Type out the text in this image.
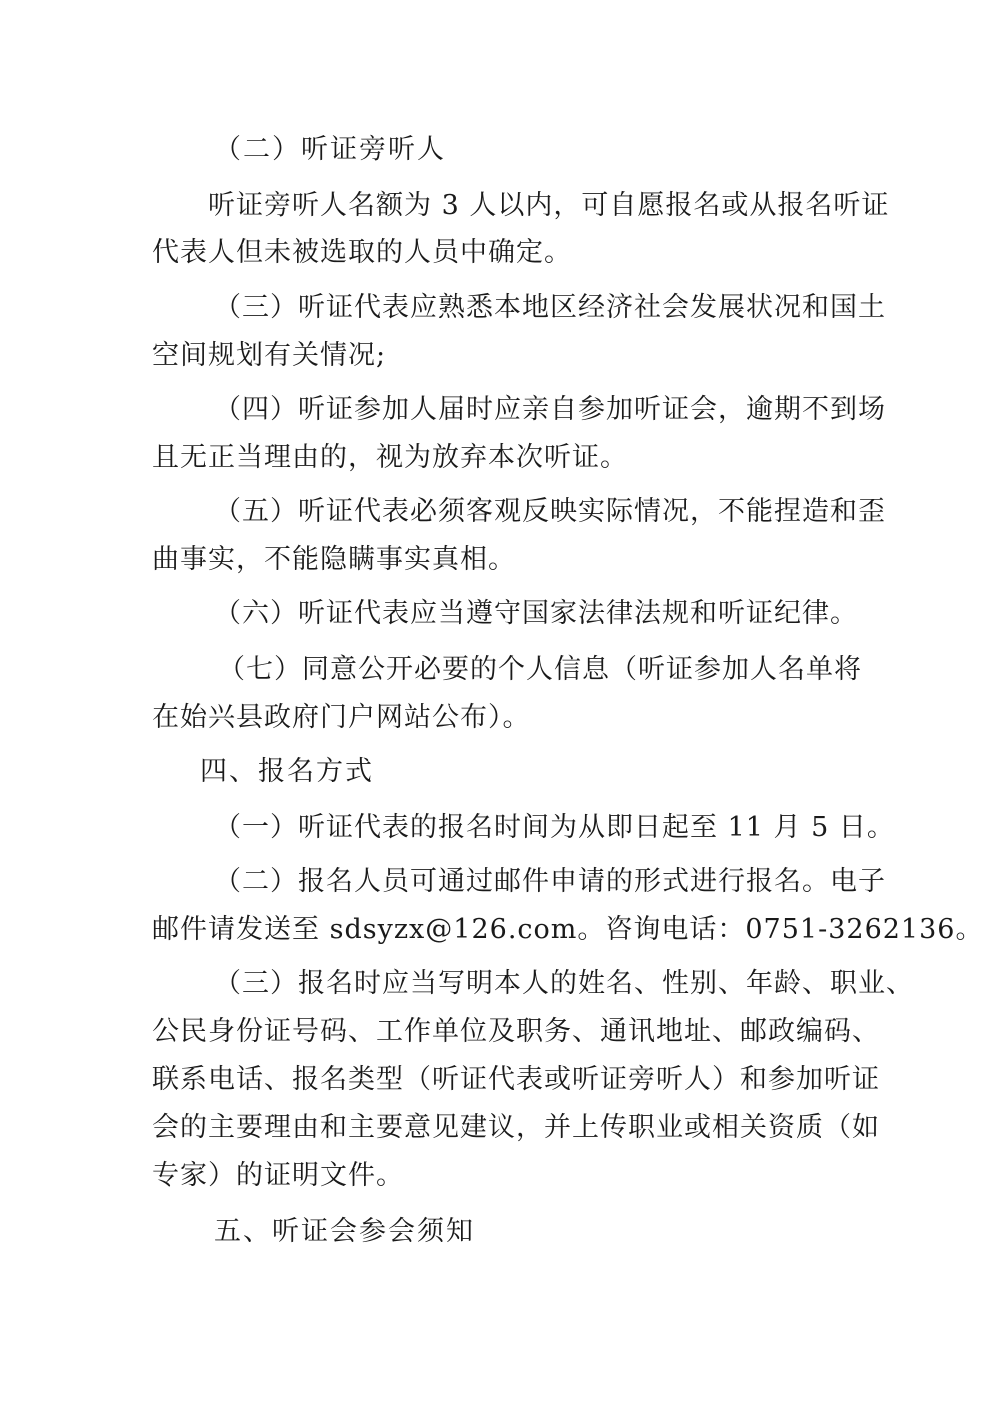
（二）听证旁听人

听证旁听人名额为 3 人以内，可自愿报名或从报名听证

代表人但未被选取的人员中确定。

（三）听证代表应熟悉本地区经济社会发展状况和国土

空间规划有关情况;

（四）听证参加人届时应亲自参加听证会，逾期不到场

且无正当理由的，视为放弃本次听证。

（五）听证代表必须客观反映实际情况，不能捏造和歪

曲事实，不能隐瞒事实真相。

（六）听证代表应当遵守国家法律法规和听证纪律。

（七）同意公开必要的个人信息（听证参加人名单将

在始兴县政府门户网站公布）。

四、报名方式

（一）听证代表的报名时间为从即日起至 11 月 5 日。

（二）报名人员可通过邮件申请的形式进行报名。电子

邮件请发送至 sdsyzx@126.com。咨询电话：0751-3262136。

（三）报名时应当写明本人的姓名、性别、年龄、职业、

公民身份证号码、工作单位及职务、通讯地址、邮政编码、

联系电话、报名类型（听证代表或听证旁听人）和参加听证

会的主要理由和主要意见建议，并上传职业或相关资质（如

专家）的证明文件。

五、听证会参会须知
